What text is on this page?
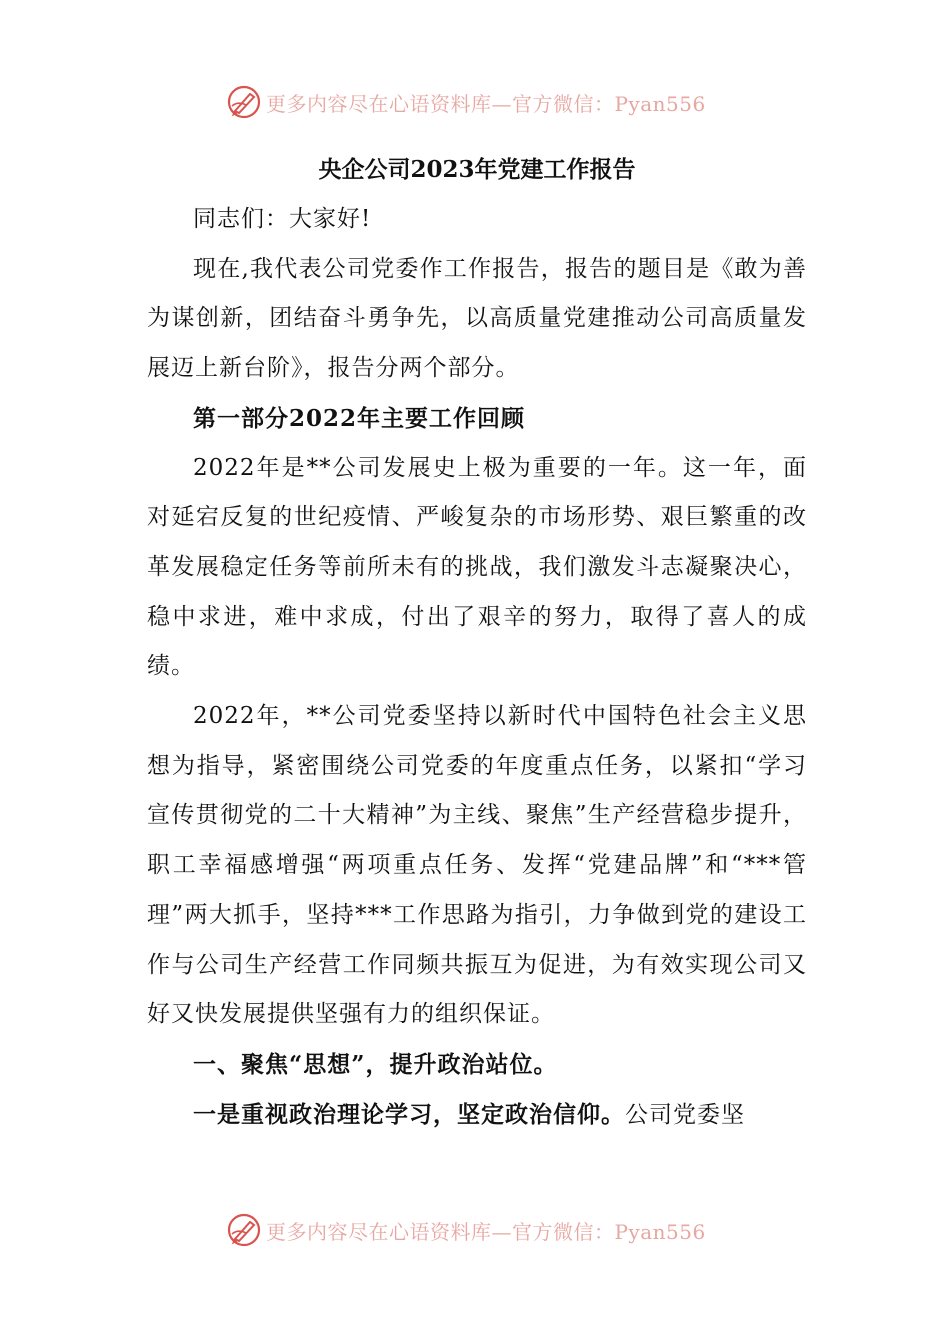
更多内容尽在心语资料库—官方微信：Pyan556

央企公司2023年党建工作报告

同志们：大家好!

现在,我代表公司党委作工作报告，报告的题目是《敢为善为谋创新，团结奋斗勇争先，以高质量党建推动公司高质量发展迈上新台阶》，报告分两个部分。

第一部分2022年主要工作回顾

2022年是**公司发展史上极为重要的一年。这一年，面对延宕反复的世纪疫情、严峻复杂的市场形势、艰巨繁重的改革发展稳定任务等前所未有的挑战，我们激发斗志凝聚决心，稳中求进，难中求成，付出了艰辛的努力，取得了喜人的成绩。

2022年，**公司党委坚持以新时代中国特色社会主义思想为指导，紧密围绕公司党委的年度重点任务，以紧扣“学习宣传贯彻党的二十大精神”为主线、聚焦”生产经营稳步提升，职工幸福感增强“两项重点任务、发挥“党建品牌”和“***管理”两大抓手，坚持***工作思路为指引，力争做到党的建设工作与公司生产经营工作同频共振互为促进，为有效实现公司又好又快发展提供坚强有力的组织保证。

一、聚焦“思想”，提升政治站位。

一是重视政治理论学习，坚定政治信仰。公司党委坚

更多内容尽在心语资料库—官方微信：Pyan556
